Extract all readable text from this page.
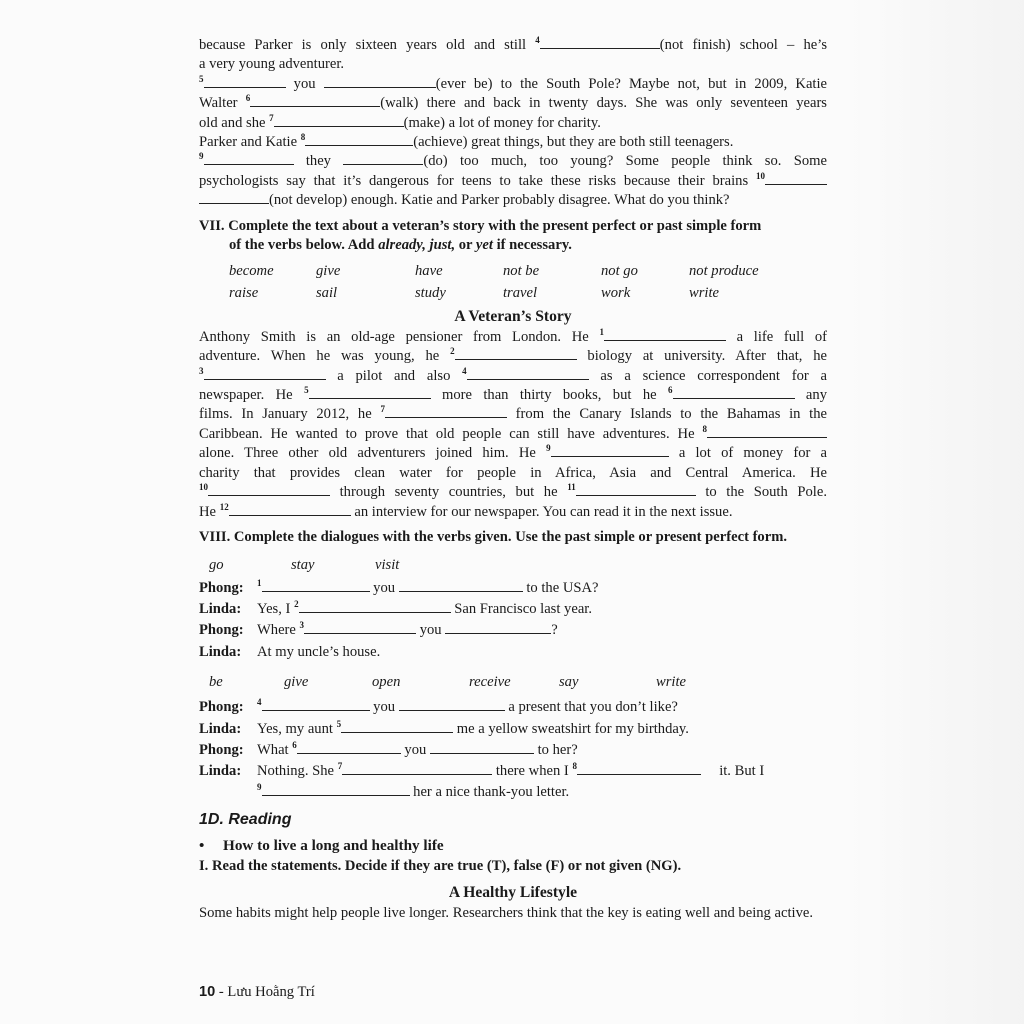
because Parker is only sixteen years old and still $^4$	(not finish) school – he’s

a very young adventurer.

$^5$	you	(ever be) to the South Pole? Maybe not, but in 2009, Katie

Walter $^6$	(walk) there and back in twenty days. She was only seventeen years

old and she $^7$	(make) a lot of money for charity.

Parker and Katie $^8$	(achieve) great things, but they are both still teenagers.

$^9$	they	(do) too much, too young? Some people think so. Some

psychologists say that it’s dangerous for teens to take these risks because their brains $^{10}$

(not develop) enough. Katie and Parker probably disagree. What do you think?

VII. Complete the text about a veteran’s story with the present perfect or past simple form
of the verbs below. Add already, just, or yet if necessary.
become	give	have	not be	not go	not produce
raise	sail	study	travel	work	write
A Veteran’s Story

Anthony Smith is an old-age pensioner from London. He $^1$	a life full of

adventure. When he was young, he $^2$	biology at university. After that, he

$^3$	a pilot and also $^4$	as a science correspondent for a

newspaper. He $^5$	more than thirty books, but he $^6$	any

films. In January 2012, he $^7$	from the Canary Islands to the Bahamas in the

Caribbean. He wanted to prove that old people can still have adventures. He $^8$

alone. Three other old adventurers joined him. He $^9$	a lot of money for a

charity that provides clean water for people in Africa, Asia and Central America. He

$^{10}$	through seventy countries, but he $^{11}$	to the South Pole.

He $^{12}$	an interview for our newspaper. You can read it in the next issue.

VIII. Complete the dialogues with the verbs given. Use the past simple or present perfect form.
go	stay	visit
Phong:	$^1$	you	to the USA?
Linda:	Yes, I $^2$	San Francisco last year.
Phong: Where $^3$	you	?
Linda:	At my uncle’s house.
be	give	open	receive	say	write
Phong:	$^4$	you	a present that you don’t like?
Linda:	Yes, my aunt $^5$	me a yellow sweatshirt for my birthday.
Phong: What $^6$	you	to her?
Linda:	Nothing. She $^7$	there when I $^8$	it. But I
$^9$	her a nice thank-you letter.
1D. Reading
• How to live a long and healthy life
I. Read the statements. Decide if they are true (T), false (F) or not given (NG).
A Healthy Lifestyle

Some habits might help people live longer. Researchers think that the key is eating well and being active.

10 - Lưu Hoằng Trí
